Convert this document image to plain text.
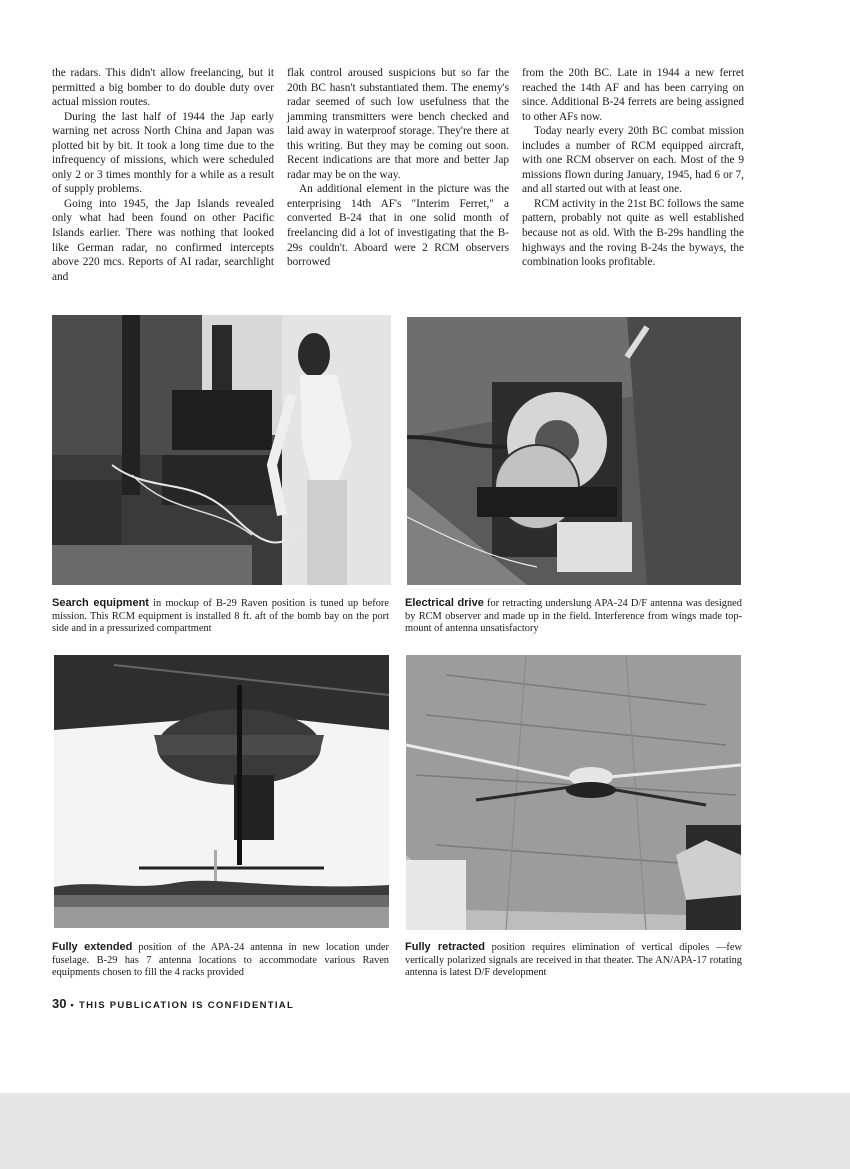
the radars. This didn't allow freelancing, but it permitted a big bomber to do double duty over actual mission routes.

During the last half of 1944 the Jap early warning net across North China and Japan was plotted bit by bit. It took a long time due to the infrequency of missions, which were scheduled only 2 or 3 times monthly for a while as a result of supply problems.

Going into 1945, the Jap Islands revealed only what had been found on other Pacific Islands earlier. There was nothing that looked like German radar, no confirmed intercepts above 220 mcs. Reports of AI radar, searchlight and

flak control aroused suspicions but so far the 20th BC hasn't substantiated them. The enemy's radar seemed of such low usefulness that the jamming transmitters were bench checked and laid away in waterproof storage. They're there at this writing. But they may be coming out soon. Recent indications are that more and better Jap radar may be on the way.

An additional element in the picture was the enterprising 14th AF's "Interim Ferret," a converted B-24 that in one solid month of freelancing did a lot of investigating that the B-29s couldn't. Aboard were 2 RCM observers borrowed

from the 20th BC. Late in 1944 a new ferret reached the 14th AF and has been carrying on since. Additional B-24 ferrets are being assigned to other AFs now.

Today nearly every 20th BC combat mission includes a number of RCM equipped aircraft, with one RCM observer on each. Most of the 9 missions flown during January, 1945, had 6 or 7, and all started out with at least one.

RCM activity in the 21st BC follows the same pattern, probably not quite as well established because not as old. With the B-29s handling the highways and the roving B-24s the byways, the combination looks profitable.

Search equipment in mockup of B-29 Raven position is tuned up before mission. This RCM equipment is installed 8 ft. aft of the bomb bay on the port side and in a pressurized compartment
Electrical drive for retracting underslung APA-24 D/F antenna was designed by RCM observer and made up in the field. Interference from wings made top-mount of antenna unsatisfactory
Fully extended position of the APA-24 antenna in new location under fuselage. B-29 has 7 antenna locations to accommodate various Raven equipments chosen to fill the 4 racks provided
Fully retracted position requires elimination of vertical dipoles —few vertically polarized signals are received in that theater. The AN/APA-17 rotating antenna is latest D/F development
30 • THIS PUBLICATION IS CONFIDENTIAL
